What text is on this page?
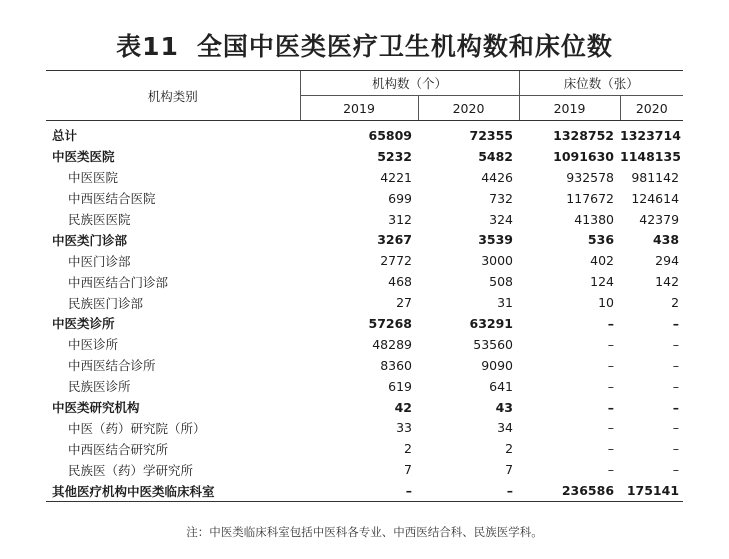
表11 全国中医类医疗卫生机构数和床位数
机构类别	机构数（个）		床位数（张）	
	2019	2020	2019	2020
总计	65809	72355	1328752	1323714
中医类医院	5232	5482	1091630	1148135
中医医院	4221	4426	932578	981142
中西医结合医院	699	732	117672	124614
民族医医院	312	324	41380	42379
中医类门诊部	3267	3539	536	438
中医门诊部	2772	3000	402	294
中西医结合门诊部	468	508	124	142
民族医门诊部	27	31	10	2
中医类诊所	57268	63291	–	–
中医诊所	48289	53560	–	–
中西医结合诊所	8360	9090	–	–
民族医诊所	619	641	–	–
中医类研究机构	42	43	–	–
中医（药）研究院（所）	33	34	–	–
中西医结合研究所	2	2	–	–
民族医（药）学研究所	7	7	–	–
其他医疗机构中医类临床科室	–	–	236586	175141
注：中医类临床科室包括中医科各专业、中西医结合科、民族医学科。
